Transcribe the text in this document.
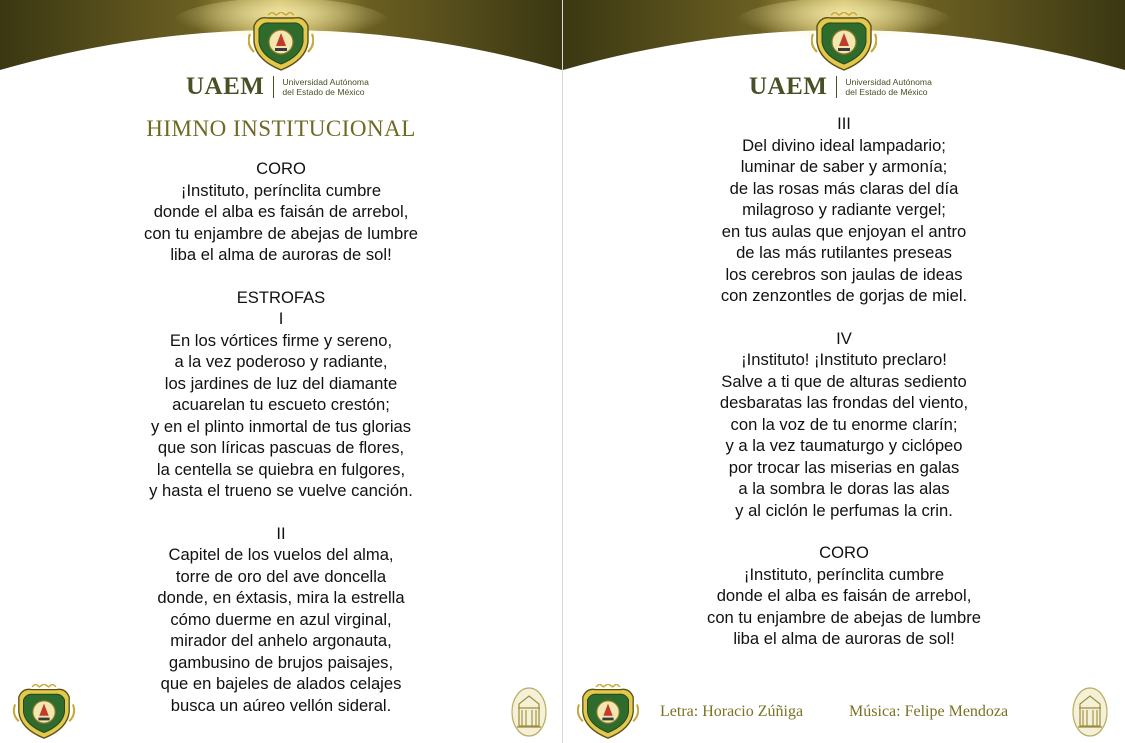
UAEM Universidad Autónoma
del Estado de México
HIMNO INSTITUCIONAL
CORO
¡Instituto, perínclita cumbre
donde el alba es faisán de arrebol,
con tu enjambre de abejas de lumbre
liba el alma de auroras de sol!
ESTROFAS
I
En los vórtices firme y sereno,
a la vez poderoso y radiante,
los jardines de luz del diamante
acuarelan tu escueto crestón;
y en el plinto inmortal de tus glorias
que son líricas pascuas de flores,
la centella se quiebra en fulgores,
y hasta el trueno se vuelve canción.
II
Capitel de los vuelos del alma,
torre de oro del ave doncella
donde, en éxtasis, mira la estrella
cómo duerme en azul virginal,
mirador del anhelo argonauta,
gambusino de brujos paisajes,
que en bajeles de alados celajes
busca un aúreo vellón sideral.
UAEM Universidad Autónoma
del Estado de México
III
Del divino ideal lampadario;
luminar de saber y armonía;
de las rosas más claras del día
milagroso y radiante vergel;
en tus aulas que enjoyan el antro
de las más rutilantes preseas
los cerebros son jaulas de ideas
con zenzontles de gorjas de miel.
IV
¡Instituto! ¡Instituto preclaro!
Salve a ti que de alturas sediento
desbaratas las frondas del viento,
con la voz de tu enorme clarín;
y a la vez taumaturgo y ciclópeo
por trocar las miserias en galas
a la sombra le doras las alas
y al ciclón le perfumas la crin.
CORO
¡Instituto, perínclita cumbre
donde el alba es faisán de arrebol,
con tu enjambre de abejas de lumbre
liba el alma de auroras de sol!
Letra: Horacio Zúñiga	Música: Felipe Mendoza
